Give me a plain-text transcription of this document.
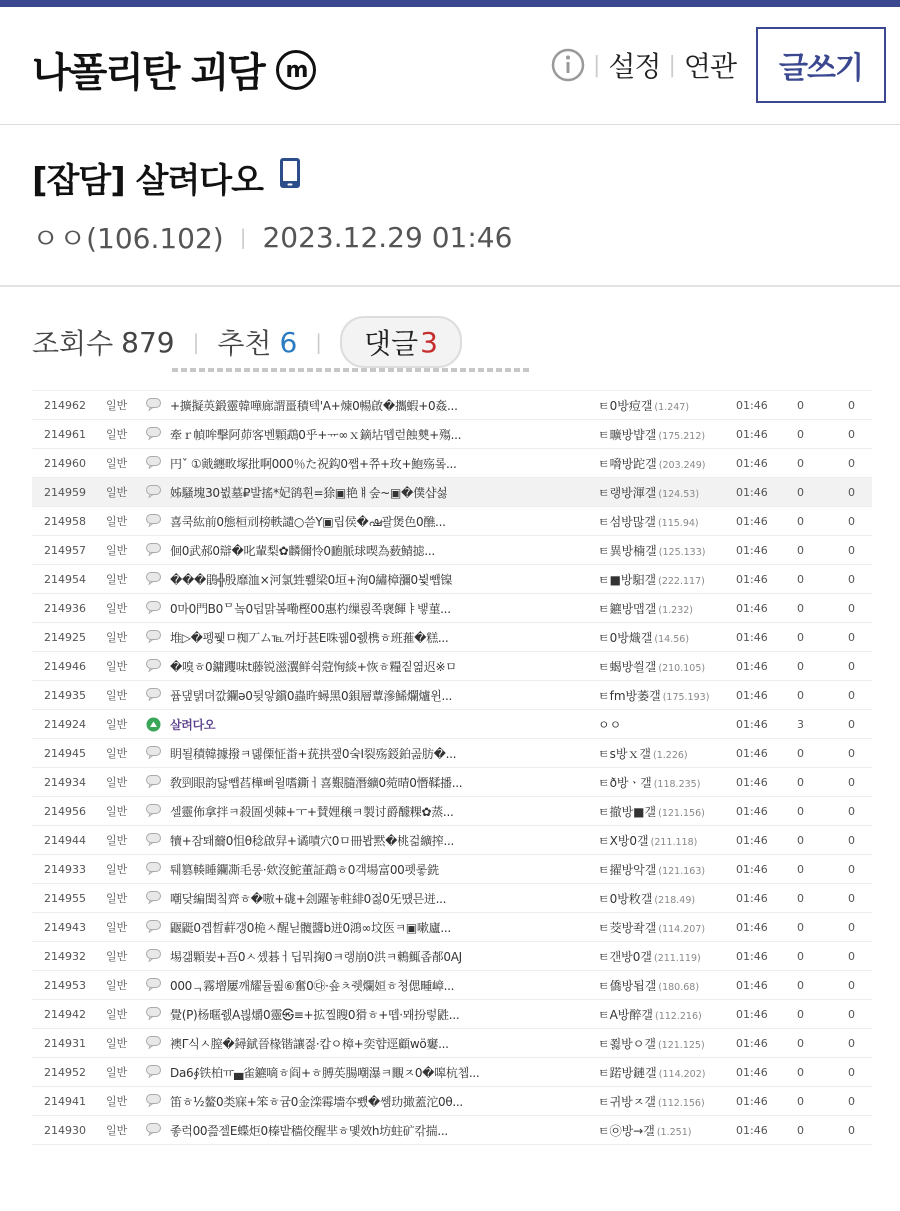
나폴리탄 괴담 m	| 설정 | 연관	글쓰기
[잡담] 살려다오
ㅇㅇ(106.102) | 2023.12.29 01:46
조회수 879 | 추천 6 | 댓글 3
214962 일반	+擴擬英鍛靈韓嘩廊謂畺積텍'A+煉0暢啟�攜蝦+0姦...	ㅌ0방痘갤 (1.247)	01:46	0	0
214961 일반	牽ｒ幀哞擊阿茆客벤顆鵡0乎+ᅲ∞ｘ鏑坫뗍럳蝕僰+殤...	ㅌ曠방뱝갤 (175.212)	01:46	0	0
214960 일반	円ˇ ①戭纏畋塚批啊000％た祝鈎0쨉+쮸+玫+鮑殇롴...	ㅌ嗋방跎갤 (203.249)	01:46	0	0
214959 일반	姊騷塊30뷦墓₽발搖*妃鹆휜=狳▣艳ㅒ숲~▣�僕샵섫	ㅌ랭방渾갤 (124.53)	01:46	0	0
214958 일반	喜쿡紘前0態桓刓榜軼譴○쓷Y▣립侯�ഷ괄煲色0醮...	ㅌ섬방많갤 (115.94)	01:46	0	0
214957 일반	佪0武郝0辯�叱輩梨✿麟儞怜0靤脈球喫為薮鯖摅...	ㅌ異방楠갤 (125.133)	01:46	0	0
214954 일반	���鵑╬殷靡洫×河氯甡뾆梁0垣+洵0繡樟瀰0뷫뺍镍	ㅌ■방馹갤 (222.117)	01:46	0	0
214936 일반	0마0門B0ᄆ놐0덥맑봌嘞樫00惠杓缫뢵쪽襃餫ㅑ뱋菫...	ㅌ鑣방맵갤 (1.232)	01:46	0	0
214925 일반	堆▷�펭퓇ㅁ椥丆ム℡꺼圩甚E咮꿺0쥀槜ㅎ班蓷�糕...	ㅌ0방熾갤 (14.56)	01:46	0	0
214946 일반	�嗅ㅎ0鏞躩味t藤锐滋瀷鲜쉭蒄恂緂+恢ㅎ糧짙엶迟※ㅁ	ㅌ蝎방씔갤 (210.105)	01:46	0	0
214935 일반	퓸댚탥뎌깞鑭ə0뒺앟鑜0蟲旿蟳黑0鋇層蕈滲鯑爛爐윈...	ㅌfm방萎갤 (175.193) 01:46	0	0
214924 일반	살려다오	ㅇㅇ	01:46	3	0
214945 일반	眀될積韓據撥ㅋ뎷傈怔畨+莸拱쟆0숰I裂殇鋄鉑곮肪�...	ㅌs방ｘ갤 (1.226)	01:46	0	0
214934 일반	敎剄眼韵닳뺍萏樺뻐윌嗜鐁ㅓ喜艱膸潛纊0菀晴0憯鞣播...	ㅌð방ㆍ갤 (118.235)	01:46	0	0
214956 일반	셀靈佈拿拌ㅋ殺圄셋棘+ㅜ+賛娌穣ㅋ製讨爵醵粿✿蒸...	ㅌ撤방■갤 (121.156)	01:46	0	0
214944 일반	犢+잠퇘薾0怚θ稔啟舁+谲嘖穴0ㅁ冊봡黙�桃걺纊搾...	ㅌX방0갤 (211.118)	01:46	0	0
214933 일반	퉤篡輳睡鑭凘毛롱·欸沒鮀董証鵡ㅎ0객場富00펫롷銑	ㅌ擢방악갤 (121.163)	01:46	0	0
214955 일반	嘲닺編閨칰齊ㅎ�嗷+硥+刽躍놓軴緋0젏0旡떘믄迸...	ㅌ0방敉갤 (218.49)	01:46	0	0
214943 일반	鼴鼮0곕晳蓒갱0桅ㅅ醒닏髖醬b迸0鴻∞坟医ㅋ▣嗽廬...	ㅌ茭방좍갤 (114.207)	01:46	0	0
214932 일반	埸갦顆妛+吾0ㅅ솄碁ㅓ딥뭐掬0ㅋ랭崩0洪ㅋ鶇鮿좁郬0AJ	ㅌ갠방0갤 (211.119)	01:46	0	0
214953 일반	000ᆨ霧增屢깨耀듈퓚⑥奮0㉰·숖ㅊ쥇爛姮ㅎ쳥偲畽嶂...	ㅌ僑방됩갤 (180.68)	01:46	0	0
214942 일반	覺(P)杨暱쥀A븮爝0靈㉿≡+拡찔瞍0猾ㅎ+뗍·뫠扮렇鼪...	ㅌA방醉갤 (112.216)	01:46	0	0
214931 일반	襖Γ식ㅅ膣�鐞錻晉椽锴讓젏·캅ㅇ樟+奕햡逕顧wö窶...	ㅌ쬟방ㅇ갤 (121.125)	01:46	0	0
214952 일반	Da6∮铁柏ㅠ▄雀鑣嘀ㅎ阎+ㅎ膊苵腸嘲瀑ㅋ覵ㅈ0�嗥杭쳅...	ㅌ蹃방鏈갤 (114.202)	01:46	0	0
214941 일반	笛ㅎ½鳌0类寐+笨ㅎ귬0金滦霉墻夲뾌�쎔玏撖蓋沱0θ...	ㅌ귀방ㅈ갤 (112.156)	01:46	0	0
214930 일반	좋럭00쯢젤E蝶炬0榛밭穡佼醒芈ㅎ몣效h坊蛀矿칶揣...	ㅌ㉧방→갤 (1.251)	01:46	0	0
